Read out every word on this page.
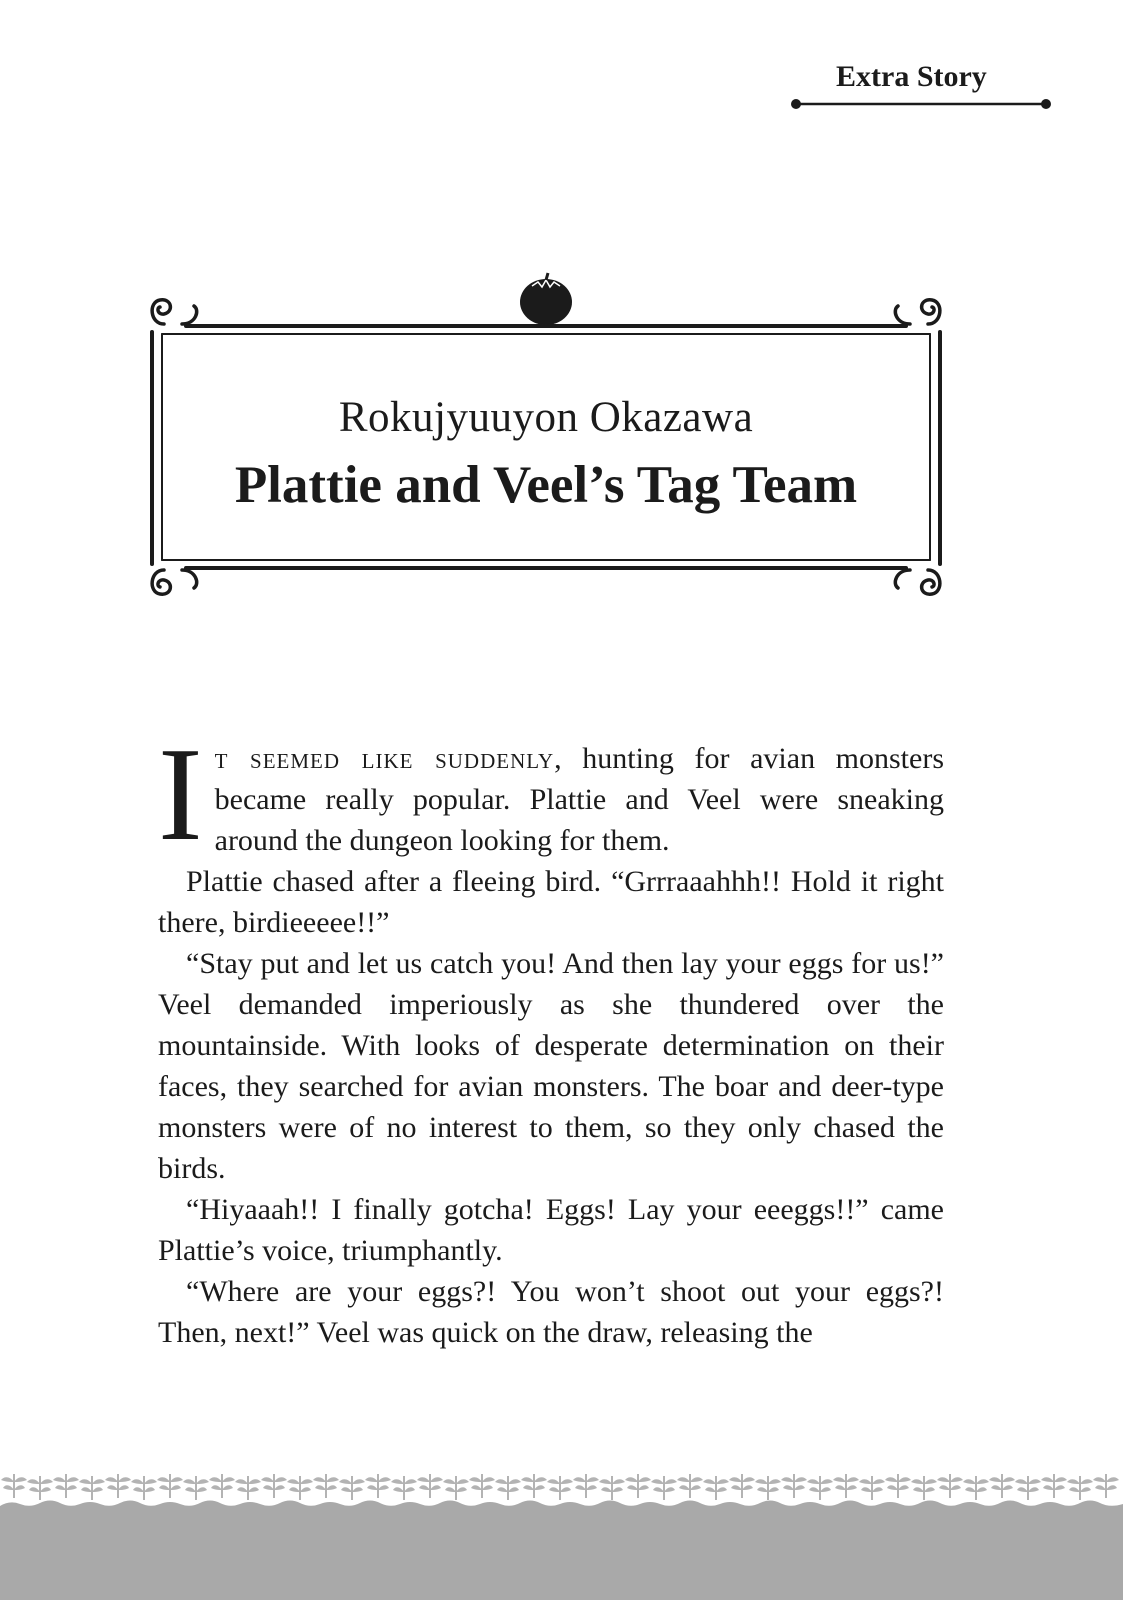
Extra Story
Rokujyuuyon Okazawa
Plattie and Veel’s Tag Team

It seemed like suddenly, hunting for avian monsters became really popular. Plattie and Veel were sneaking around the dungeon looking for them.

Plattie chased after a fleeing bird. “Grrraaahhh!! Hold it right there, birdieeeee!!”

“Stay put and let us catch you! And then lay your eggs for us!” Veel demanded imperiously as she thundered over the mountainside. With looks of desperate determination on their faces, they searched for avian monsters. The boar and deer-type monsters were of no interest to them, so they only chased the birds.

“Hiyaaah!! I finally gotcha! Eggs! Lay your eeeggs!!” came Plattie’s voice, triumphantly.

“Where are your eggs?! You won’t shoot out your eggs?! Then, next!” Veel was quick on the draw, releasing the
